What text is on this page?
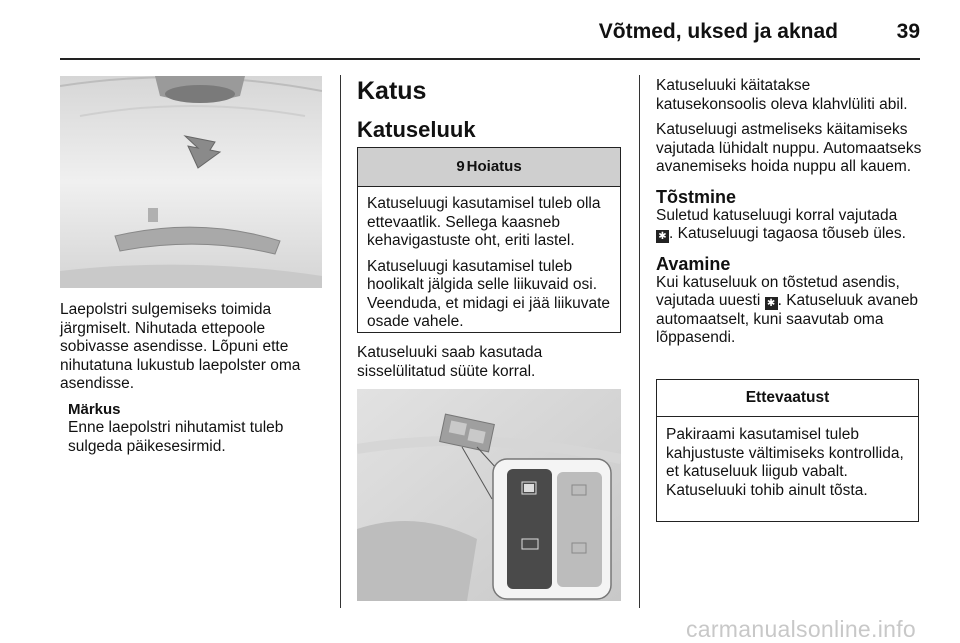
Võtmed, uksed ja aknad	39

Laepolstri sulgemiseks toimida järgmiselt. Nihutada ettepoole sobivasse asendisse. Lõpuni ette nihutatuna lukustub laepolster oma asendisse.

Märkus
Enne laepolstri nihutamist tuleb sulgeda päikesesirmid.
Katus
Katuseluuk
9 Hoiatus

Katuseluugi kasutamisel tuleb olla ettevaatlik. Sellega kaasneb kehavigastuste oht, eriti lastel.

Katuseluugi kasutamisel tuleb hoolikalt jälgida selle liikuvaid osi. Veenduda, et midagi ei jää liikuvate osade vahele.

Katuseluuki saab kasutada sisselülitatud süüte korral.

Katuseluuki käitatakse katusekonsoolis oleva klahvlüliti abil.

Katuseluugi astmeliseks käitamiseks vajutada lühidalt nuppu. Automaatseks avanemiseks hoida nuppu all kauem.

Tõstmine

Suletud katuseluugi korral vajutada
✱ . Katuseluugi tagaosa tõuseb üles.

Avamine

Kui katuseluuk on tõstetud asendis, vajutada uuesti ✱ . Katuseluuk avaneb automaatselt, kuni saavutab oma lõppasendi.

Ettevaatust
Pakiraami kasutamisel tuleb kahjustuste vältimiseks kontrollida, et katuseluuk liigub vabalt. Katuseluuki tohib ainult tõsta.
carmanualsonline.info
